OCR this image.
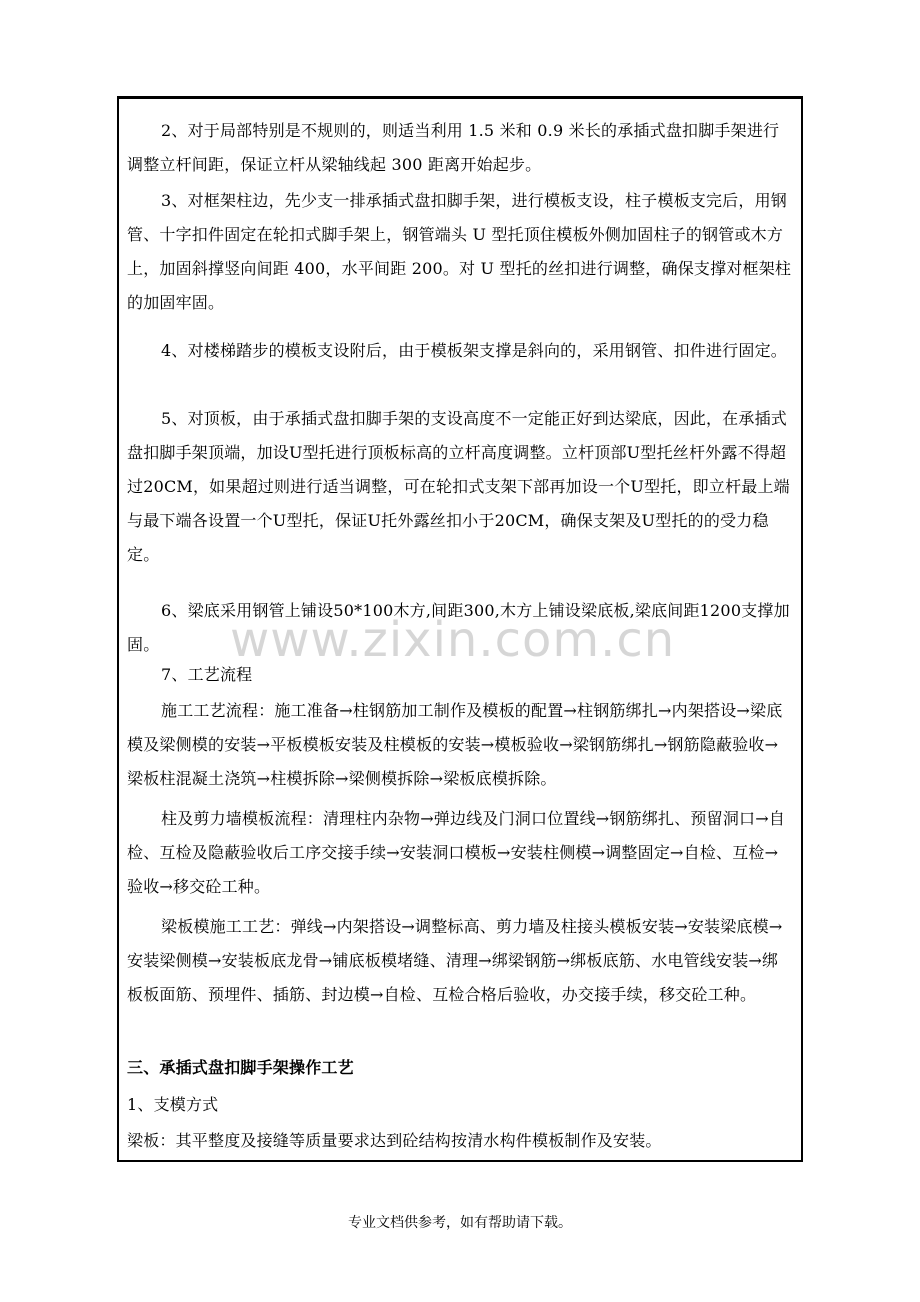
2、对于局部特别是不规则的，则适当利用 1.5 米和 0.9 米长的承插式盘扣脚手架进行调整立杆间距，保证立杆从梁轴线起 300 距离开始起步。
3、对框架柱边，先少支一排承插式盘扣脚手架，进行模板支设，柱子模板支完后，用钢管、十字扣件固定在轮扣式脚手架上，钢管端头 U 型托顶住模板外侧加固柱子的钢管或木方上，加固斜撑竖向间距 400，水平间距 200。对 U 型托的丝扣进行调整，确保支撑对框架柱的加固牢固。
4、对楼梯踏步的模板支设附后，由于模板架支撑是斜向的，采用钢管、扣件进行固定。
5、对顶板，由于承插式盘扣脚手架的支设高度不一定能正好到达梁底，因此，在承插式盘扣脚手架顶端，加设U型托进行顶板标高的立杆高度调整。立杆顶部U型托丝杆外露不得超过20CM，如果超过则进行适当调整，可在轮扣式支架下部再加设一个U型托，即立杆最上端与最下端各设置一个U型托，保证U托外露丝扣小于20CM，确保支架及U型托的的受力稳定。
6、梁底采用钢管上铺设50*100木方,间距300,木方上铺设梁底板,梁底间距1200支撑加固。
7、工艺流程
施工工艺流程：施工准备→柱钢筋加工制作及模板的配置→柱钢筋绑扎→内架搭设→梁底模及梁侧模的安装→平板模板安装及柱模板的安装→模板验收→梁钢筋绑扎→钢筋隐蔽验收→梁板柱混凝土浇筑→柱模拆除→梁侧模拆除→梁板底模拆除。
柱及剪力墙模板流程：清理柱内杂物→弹边线及门洞口位置线→钢筋绑扎、预留洞口→自检、互检及隐蔽验收后工序交接手续→安装洞口模板→安装柱侧模→调整固定→自检、互检→验收→移交砼工种。
梁板模施工工艺：弹线→内架搭设→调整标高、剪力墙及柱接头模板安装→安装梁底模→安装梁侧模→安装板底龙骨→铺底板模堵缝、清理→绑梁钢筋→绑板底筋、水电管线安装→绑板板面筋、预埋件、插筋、封边模→自检、互检合格后验收，办交接手续，移交砼工种。
三、承插式盘扣脚手架操作工艺
1、支模方式
梁板：其平整度及接缝等质量要求达到砼结构按清水构件模板制作及安装。
www.zixin.com.cn
专业文档供参考，如有帮助请下载。
